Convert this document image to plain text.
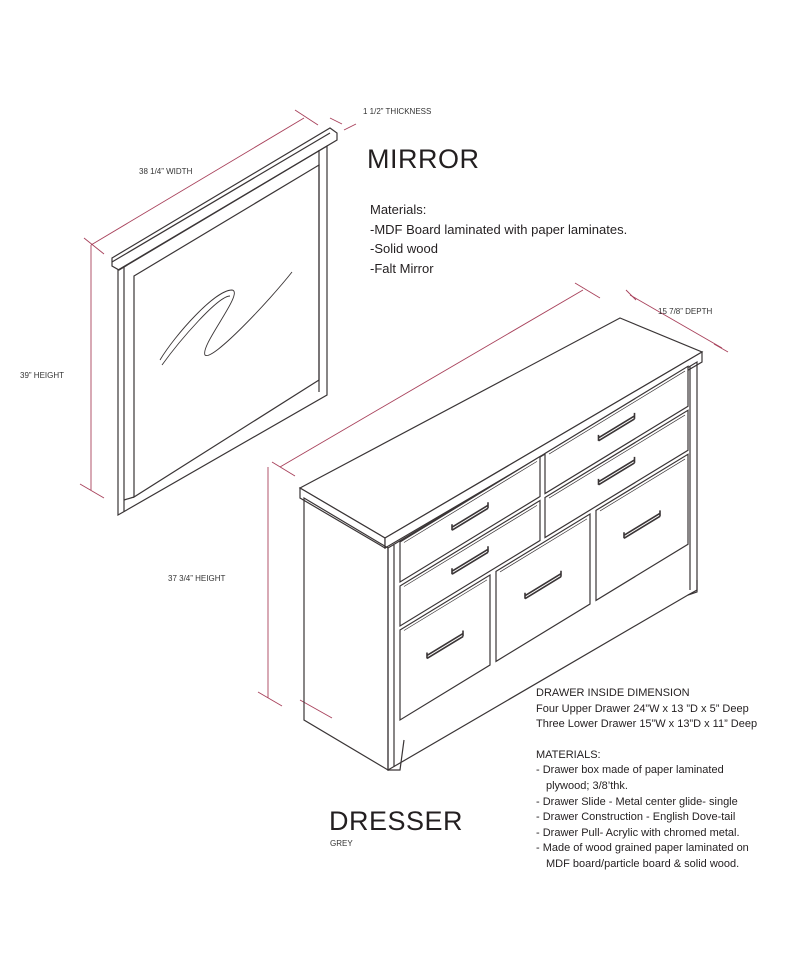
1 1/2” THICKNESS
38 1/4” WIDTH
39” HEIGHT
MIRROR
Materials:
-MDF Board laminated with paper laminates.
-Solid wood
-Falt Mirror
15 7/8” DEPTH
37 3/4” HEIGHT
DRESSER
GREY
DRAWER INSIDE DIMENSION
Four Upper Drawer 24”W x 13 ”D x 5” Deep
Three Lower Drawer 15”W x 13”D x 11” Deep
MATERIALS:
- Drawer box made of paper laminated
plywood; 3/8’thk.
- Drawer Slide - Metal center glide- single
- Drawer Construction - English Dove-tail
- Drawer Pull- Acrylic with chromed metal.
- Made of wood grained paper laminated on
MDF board/particle board & solid wood.
